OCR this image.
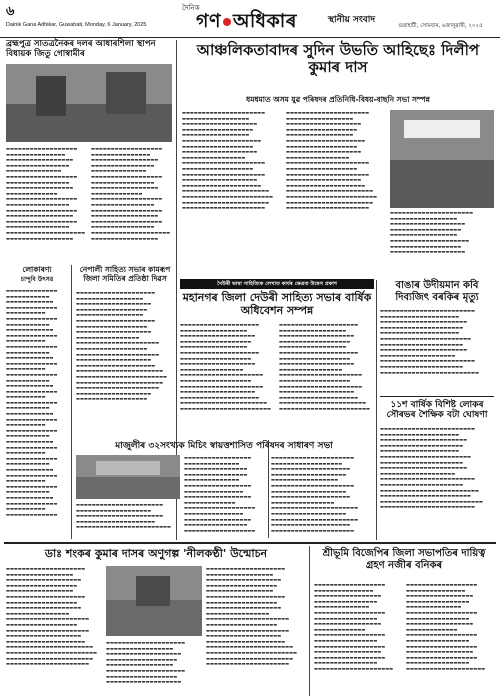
৬
Dainik Gana Adhikar, Guwahati, Monday, 6 January, 2025
দৈনিক
গণ অধিকাৰ	স্থানীয় সংবাদ
গুৱাহাটী, সোমবাৰ, ৬জানুৱাৰী, ২০২৫
ব্ৰহ্মপুত্ৰ সাতত্ৰনৈকৰ দলৰ আধাৰশিলা স্থাপন বিধায়ক জিতু গোস্বামীৰ
▬▬▬▬▬▬▬▬▬▬▬▬▬▬▬▬▬▬ ▬▬▬▬▬▬▬▬▬▬▬▬▬▬▬ ▬▬▬▬▬▬▬▬▬▬▬▬▬▬▬▬▬ ▬▬▬▬▬▬▬▬▬▬▬▬▬▬▬▬ ▬▬▬▬▬▬▬▬▬▬▬▬▬▬ ▬▬▬▬▬▬▬▬▬▬▬▬▬▬▬▬▬▬ ▬▬▬▬▬▬▬▬▬▬▬▬▬▬▬▬ ▬▬▬▬▬▬▬▬▬▬▬▬▬▬▬▬▬ ▬▬▬▬▬▬▬▬▬▬▬▬▬ ▬▬▬▬▬▬▬▬▬▬▬▬▬▬▬▬▬▬ ▬▬▬▬▬▬▬▬▬▬▬▬▬▬▬▬ ▬▬▬▬▬▬▬▬▬▬▬▬▬▬▬▬▬▬ ▬▬▬▬▬▬▬▬▬▬▬▬▬▬▬▬▬ ▬▬▬▬▬▬▬▬▬▬▬▬▬▬▬▬▬▬ ▬▬▬▬▬▬▬▬▬▬▬▬▬▬▬▬ ▬▬▬▬▬▬▬▬▬▬▬▬▬▬▬▬▬▬▬▬ ▬▬▬▬▬▬▬▬▬▬▬▬▬▬▬▬▬
▬▬▬▬▬▬▬▬▬▬▬▬▬▬▬▬▬▬ ▬▬▬▬▬▬▬▬▬▬▬▬▬▬▬ ▬▬▬▬▬▬▬▬▬▬▬▬▬▬▬▬▬ ▬▬▬▬▬▬▬▬▬▬▬▬▬▬▬▬ ▬▬▬▬▬▬▬▬▬▬▬▬▬▬ ▬▬▬▬▬▬▬▬▬▬▬▬▬▬▬▬▬▬ ▬▬▬▬▬▬▬▬▬▬▬▬▬▬▬▬ ▬▬▬▬▬▬▬▬▬▬▬▬▬▬▬▬▬ ▬▬▬▬▬▬▬▬▬▬▬▬▬ ▬▬▬▬▬▬▬▬▬▬▬▬▬▬▬▬▬▬ ▬▬▬▬▬▬▬▬▬▬▬▬▬▬▬▬ ▬▬▬▬▬▬▬▬▬▬▬▬▬▬▬▬▬▬ ▬▬▬▬▬▬▬▬▬▬▬▬▬▬▬▬▬ ▬▬▬▬▬▬▬▬▬▬▬▬▬▬▬▬▬▬ ▬▬▬▬▬▬▬▬▬▬▬▬▬▬▬▬ ▬▬▬▬▬▬▬▬▬▬▬▬▬▬▬▬▬▬▬▬ ▬▬▬▬▬▬▬▬▬▬▬▬▬▬▬▬▬
আঞ্চলিকতাবাদৰ সুদিন উভতি আহিছেঃ দিলীপ কুমাৰ দাস
ধমধমাত অসম যুৱ পৰিষদৰ প্ৰতিনিধি-বিষয়-বাছনি সভা সম্পন্ন
▬▬▬▬▬▬▬▬▬▬▬▬▬▬▬▬▬▬▬▬▬ ▬▬▬▬▬▬▬▬▬▬▬▬▬▬▬▬▬ ▬▬▬▬▬▬▬▬▬▬▬▬▬▬▬▬▬▬▬ ▬▬▬▬▬▬▬▬▬▬▬▬▬▬▬▬▬▬ ▬▬▬▬▬▬▬▬▬▬▬▬▬▬▬▬▬ ▬▬▬▬▬▬▬▬▬▬▬▬▬▬▬▬▬▬▬▬ ▬▬▬▬▬▬▬▬▬▬▬▬▬▬▬▬▬▬ ▬▬▬▬▬▬▬▬▬▬▬▬▬▬▬▬▬▬▬ ▬▬▬▬▬▬▬▬▬▬▬▬▬▬▬▬ ▬▬▬▬▬▬▬▬▬▬▬▬▬▬▬▬▬▬▬▬▬ ▬▬▬▬▬▬▬▬▬▬▬▬▬▬▬▬▬▬ ▬▬▬▬▬▬▬▬▬▬▬▬▬▬▬▬▬▬▬▬▬ ▬▬▬▬▬▬▬▬▬▬▬▬▬▬▬▬▬▬▬ ▬▬▬▬▬▬▬▬▬▬▬▬▬▬▬▬▬▬▬▬ ▬▬▬▬▬▬▬▬▬▬▬▬▬▬▬▬▬▬▬▬▬▬ ▬▬▬▬▬▬▬▬▬▬▬▬▬▬▬▬▬▬▬▬▬▬▬ ▬▬▬▬▬▬▬▬▬▬▬▬▬▬▬▬▬▬▬▬▬▬ ▬▬▬▬▬▬▬▬▬▬▬▬▬▬▬▬▬▬▬▬▬
▬▬▬▬▬▬▬▬▬▬▬▬▬▬▬▬▬▬▬▬▬ ▬▬▬▬▬▬▬▬▬▬▬▬▬▬▬▬▬ ▬▬▬▬▬▬▬▬▬▬▬▬▬▬▬▬▬▬▬ ▬▬▬▬▬▬▬▬▬▬▬▬▬▬▬▬▬▬ ▬▬▬▬▬▬▬▬▬▬▬▬▬▬▬▬▬ ▬▬▬▬▬▬▬▬▬▬▬▬▬▬▬▬▬▬▬▬ ▬▬▬▬▬▬▬▬▬▬▬▬▬▬▬▬▬▬ ▬▬▬▬▬▬▬▬▬▬▬▬▬▬▬▬▬▬▬ ▬▬▬▬▬▬▬▬▬▬▬▬▬▬▬▬ ▬▬▬▬▬▬▬▬▬▬▬▬▬▬▬▬▬▬▬▬▬ ▬▬▬▬▬▬▬▬▬▬▬▬▬▬▬▬▬▬ ▬▬▬▬▬▬▬▬▬▬▬▬▬▬▬▬▬▬▬▬▬ ▬▬▬▬▬▬▬▬▬▬▬▬▬▬▬▬▬▬▬ ▬▬▬▬▬▬▬▬▬▬▬▬▬▬▬▬▬▬▬▬ ▬▬▬▬▬▬▬▬▬▬▬▬▬▬▬▬▬▬▬▬▬▬ ▬▬▬▬▬▬▬▬▬▬▬▬▬▬▬▬▬▬▬▬▬▬▬ ▬▬▬▬▬▬▬▬▬▬▬▬▬▬▬▬▬▬▬▬▬▬ ▬▬▬▬▬▬▬▬▬▬▬▬▬▬▬▬▬▬▬▬▬
▬▬▬▬▬▬▬▬▬▬▬▬▬▬▬▬▬▬▬▬▬ ▬▬▬▬▬▬▬▬▬▬▬▬▬▬▬▬▬ ▬▬▬▬▬▬▬▬▬▬▬▬▬▬▬▬▬▬▬ ▬▬▬▬▬▬▬▬▬▬▬▬▬▬▬▬▬▬ ▬▬▬▬▬▬▬▬▬▬▬▬▬▬▬▬▬ ▬▬▬▬▬▬▬▬▬▬▬▬▬▬▬▬▬▬▬▬ ▬▬▬▬▬▬▬▬▬▬▬▬▬▬▬▬▬▬ ▬▬▬▬▬▬▬▬▬▬▬▬▬▬▬▬▬▬▬
লোকাৰণ্য
চান্দুবি উৎসৱ
▬▬▬▬▬▬▬▬▬▬▬▬▬ ▬▬▬▬▬▬▬▬▬▬▬ ▬▬▬▬▬▬▬▬▬▬▬▬ ▬▬▬▬▬▬▬▬▬▬▬▬▬ ▬▬▬▬▬▬▬▬▬▬ ▬▬▬▬▬▬▬▬▬▬▬▬▬ ▬▬▬▬▬▬▬▬▬▬▬ ▬▬▬▬▬▬▬▬▬▬▬▬ ▬▬▬▬▬▬▬▬▬▬▬▬▬ ▬▬▬▬▬▬▬▬▬▬ ▬▬▬▬▬▬▬▬▬▬▬▬▬ ▬▬▬▬▬▬▬▬▬▬▬ ▬▬▬▬▬▬▬▬▬▬▬▬ ▬▬▬▬▬▬▬▬▬▬▬▬▬ ▬▬▬▬▬▬▬▬▬▬ ▬▬▬▬▬▬▬▬▬▬▬▬▬ ▬▬▬▬▬▬▬▬▬▬▬ ▬▬▬▬▬▬▬▬▬▬▬▬ ▬▬▬▬▬▬▬▬▬▬▬▬▬ ▬▬▬▬▬▬▬▬▬▬ ▬▬▬▬▬▬▬▬▬▬▬▬▬ ▬▬▬▬▬▬▬▬▬▬▬ ▬▬▬▬▬▬▬▬▬▬▬▬ ▬▬▬▬▬▬▬▬▬▬▬▬▬ ▬▬▬▬▬▬▬▬▬▬ ▬▬▬▬▬▬▬▬▬▬▬▬▬ ▬▬▬▬▬▬▬▬▬▬▬ ▬▬▬▬▬▬▬▬▬▬▬▬ ▬▬▬▬▬▬▬▬▬▬▬▬▬ ▬▬▬▬▬▬▬▬▬▬ ▬▬▬▬▬▬▬▬▬▬▬▬▬ ▬▬▬▬▬▬▬▬▬▬▬ ▬▬▬▬▬▬▬▬▬▬▬▬ ▬▬▬▬▬▬▬▬▬▬▬▬▬ ▬▬▬▬▬▬▬▬▬▬ ▬▬▬▬▬▬▬▬▬▬▬▬▬ ▬▬▬▬▬▬▬▬▬▬▬ ▬▬▬▬▬▬▬▬▬▬▬▬ ▬▬▬▬▬▬▬▬▬▬▬▬▬ ▬▬▬▬▬▬▬▬▬▬ ▬▬▬▬▬▬▬▬▬▬▬▬▬
নেপালী সাহিত্য সভাৰ কামৰূপ জিলা সমিতিৰ প্ৰতিষ্ঠা দিৱস
▬▬▬▬▬▬▬▬▬▬▬▬▬▬▬▬▬▬▬▬ ▬▬▬▬▬▬▬▬▬▬▬▬▬▬▬▬▬ ▬▬▬▬▬▬▬▬▬▬▬▬▬▬▬▬▬▬▬ ▬▬▬▬▬▬▬▬▬▬▬▬▬▬▬▬▬▬ ▬▬▬▬▬▬▬▬▬▬▬▬▬▬▬▬▬ ▬▬▬▬▬▬▬▬▬▬▬▬▬▬▬▬▬▬▬▬ ▬▬▬▬▬▬▬▬▬▬▬▬▬▬▬▬▬▬ ▬▬▬▬▬▬▬▬▬▬▬▬▬▬▬▬▬▬▬ ▬▬▬▬▬▬▬▬▬▬▬▬▬▬▬▬ ▬▬▬▬▬▬▬▬▬▬▬▬▬▬▬▬▬▬▬▬▬ ▬▬▬▬▬▬▬▬▬▬▬▬▬▬▬▬▬▬ ▬▬▬▬▬▬▬▬▬▬▬▬▬▬▬▬▬▬▬▬▬ ▬▬▬▬▬▬▬▬▬▬▬▬▬▬▬▬▬▬▬ ▬▬▬▬▬▬▬▬▬▬▬▬▬▬▬▬▬▬▬▬ ▬▬▬▬▬▬▬▬▬▬▬▬▬▬▬▬▬▬▬▬▬▬ ▬▬▬▬▬▬▬▬▬▬▬▬▬▬▬▬▬▬▬▬▬▬▬ ▬▬▬▬▬▬▬▬▬▬▬▬▬▬▬▬▬▬▬▬▬▬ ▬▬▬▬▬▬▬▬▬▬▬▬▬▬▬▬▬▬▬▬▬ ▬▬▬▬▬▬▬▬▬▬▬▬▬▬▬▬▬▬▬ ▬▬▬▬▬▬▬▬▬▬▬▬▬▬▬▬▬▬
দৈউৰী ভাষা সাহিত্যিক লেখাত কাৰ্যৰ ক্ষেত্ৰত উদ্বেগ প্ৰকাশ
মহানগৰ জিলা দেউৰী সাহিত্য সভাৰ বাৰ্ষিক অধিবেশন সম্পন্ন
▬▬▬▬▬▬▬▬▬▬▬▬▬▬▬▬▬▬▬▬ ▬▬▬▬▬▬▬▬▬▬▬▬▬▬▬▬▬ ▬▬▬▬▬▬▬▬▬▬▬▬▬▬▬▬▬▬▬ ▬▬▬▬▬▬▬▬▬▬▬▬▬▬▬▬▬▬ ▬▬▬▬▬▬▬▬▬▬▬▬▬▬▬▬▬ ▬▬▬▬▬▬▬▬▬▬▬▬▬▬▬▬▬▬▬▬ ▬▬▬▬▬▬▬▬▬▬▬▬▬▬▬▬▬▬ ▬▬▬▬▬▬▬▬▬▬▬▬▬▬▬▬▬▬▬ ▬▬▬▬▬▬▬▬▬▬▬▬▬▬▬▬ ▬▬▬▬▬▬▬▬▬▬▬▬▬▬▬▬▬▬▬▬▬ ▬▬▬▬▬▬▬▬▬▬▬▬▬▬▬▬▬▬ ▬▬▬▬▬▬▬▬▬▬▬▬▬▬▬▬▬▬▬▬▬ ▬▬▬▬▬▬▬▬▬▬▬▬▬▬▬▬▬▬▬ ▬▬▬▬▬▬▬▬▬▬▬▬▬▬▬▬▬▬▬▬ ▬▬▬▬▬▬▬▬▬▬▬▬▬▬▬▬▬▬▬▬▬▬ ▬▬▬▬▬▬▬▬▬▬▬▬▬▬▬▬▬▬▬▬▬▬▬
▬▬▬▬▬▬▬▬▬▬▬▬▬▬▬▬▬▬▬▬ ▬▬▬▬▬▬▬▬▬▬▬▬▬▬▬▬▬ ▬▬▬▬▬▬▬▬▬▬▬▬▬▬▬▬▬▬▬ ▬▬▬▬▬▬▬▬▬▬▬▬▬▬▬▬▬▬ ▬▬▬▬▬▬▬▬▬▬▬▬▬▬▬▬▬ ▬▬▬▬▬▬▬▬▬▬▬▬▬▬▬▬▬▬▬▬ ▬▬▬▬▬▬▬▬▬▬▬▬▬▬▬▬▬▬ ▬▬▬▬▬▬▬▬▬▬▬▬▬▬▬▬▬▬▬ ▬▬▬▬▬▬▬▬▬▬▬▬▬▬▬▬ ▬▬▬▬▬▬▬▬▬▬▬▬▬▬▬▬▬▬▬▬▬ ▬▬▬▬▬▬▬▬▬▬▬▬▬▬▬▬▬▬ ▬▬▬▬▬▬▬▬▬▬▬▬▬▬▬▬▬▬▬▬▬ ▬▬▬▬▬▬▬▬▬▬▬▬▬▬▬▬▬▬▬ ▬▬▬▬▬▬▬▬▬▬▬▬▬▬▬▬▬▬▬▬ ▬▬▬▬▬▬▬▬▬▬▬▬▬▬▬▬▬▬▬▬▬▬ ▬▬▬▬▬▬▬▬▬▬▬▬▬▬▬▬▬▬▬▬▬▬▬
বাঙাৰ উদীয়মান কবি দিব্যজিৎ বৰকিৰ মৃত্যু
▬▬▬▬▬▬▬▬▬▬▬▬▬▬▬▬▬▬▬▬▬▬▬▬ ▬▬▬▬▬▬▬▬▬▬▬▬▬▬▬▬▬▬▬▬ ▬▬▬▬▬▬▬▬▬▬▬▬▬▬▬▬▬▬▬▬▬▬ ▬▬▬▬▬▬▬▬▬▬▬▬▬▬▬▬▬▬▬▬▬ ▬▬▬▬▬▬▬▬▬▬▬▬▬▬▬▬▬▬▬▬ ▬▬▬▬▬▬▬▬▬▬▬▬▬▬▬▬▬▬▬▬▬▬▬ ▬▬▬▬▬▬▬▬▬▬▬▬▬▬▬▬▬▬▬▬▬ ▬▬▬▬▬▬▬▬▬▬▬▬▬▬▬▬▬▬▬▬▬▬ ▬▬▬▬▬▬▬▬▬▬▬▬▬▬▬▬▬▬▬ ▬▬▬▬▬▬▬▬▬▬▬▬▬▬▬▬▬▬▬▬▬▬▬▬ ▬▬▬▬▬▬▬▬▬▬▬▬▬▬▬▬▬▬▬▬▬ ▬▬▬▬▬▬▬▬▬▬▬▬▬▬▬▬▬▬▬▬▬▬▬▬▬
১১শ বাৰ্ষিক বিশিষ্ট লোকৰ সৌৰভৰ শৈক্ষিক বটা ঘোষণা
▬▬▬▬▬▬▬▬▬▬▬▬▬▬▬▬▬▬▬▬▬▬▬▬ ▬▬▬▬▬▬▬▬▬▬▬▬▬▬▬▬▬▬▬▬ ▬▬▬▬▬▬▬▬▬▬▬▬▬▬▬▬▬▬▬▬▬▬ ▬▬▬▬▬▬▬▬▬▬▬▬▬▬▬▬▬▬▬▬▬ ▬▬▬▬▬▬▬▬▬▬▬▬▬▬▬▬▬▬▬▬ ▬▬▬▬▬▬▬▬▬▬▬▬▬▬▬▬▬▬▬▬▬▬▬ ▬▬▬▬▬▬▬▬▬▬▬▬▬▬▬▬▬▬▬▬▬ ▬▬▬▬▬▬▬▬▬▬▬▬▬▬▬▬▬▬▬▬▬▬ ▬▬▬▬▬▬▬▬▬▬▬▬▬▬▬▬▬▬▬ ▬▬▬▬▬▬▬▬▬▬▬▬▬▬▬▬▬▬▬▬▬▬▬▬ ▬▬▬▬▬▬▬▬▬▬▬▬▬▬▬▬▬▬▬▬▬ ▬▬▬▬▬▬▬▬▬▬▬▬▬▬▬▬▬▬▬▬▬▬▬▬▬ ▬▬▬▬▬▬▬▬▬▬▬▬▬▬▬▬▬▬▬▬▬▬▬ ▬▬▬▬▬▬▬▬▬▬▬▬▬▬▬▬▬▬▬▬▬▬▬▬▬▬ ▬▬▬▬▬▬▬▬▬▬▬▬▬▬▬▬▬▬▬▬▬▬▬▬
মাজুলীৰ ৩২সংখ্যক মিচিং স্বায়ত্তশাসিত পৰিষদৰ সাধাৰণ সভা
▬▬▬▬▬▬▬▬▬▬▬▬▬▬▬▬▬▬▬▬▬▬ ▬▬▬▬▬▬▬▬▬▬▬▬▬▬▬▬▬▬▬ ▬▬▬▬▬▬▬▬▬▬▬▬▬▬▬▬▬▬▬▬▬▬ ▬▬▬▬▬▬▬▬▬▬▬▬▬▬▬▬▬▬▬▬ ▬▬▬▬▬▬▬▬▬▬▬▬▬▬▬▬▬▬▬▬▬▬▬▬
▬▬▬▬▬▬▬▬▬▬▬▬▬▬▬▬▬ ▬▬▬▬▬▬▬▬▬▬▬▬▬▬ ▬▬▬▬▬▬▬▬▬▬▬▬▬▬▬▬ ▬▬▬▬▬▬▬▬▬▬▬▬▬▬▬▬ ▬▬▬▬▬▬▬▬▬▬▬▬▬▬ ▬▬▬▬▬▬▬▬▬▬▬▬▬▬▬▬▬ ▬▬▬▬▬▬▬▬▬▬▬▬▬▬▬ ▬▬▬▬▬▬▬▬▬▬▬▬▬▬▬▬▬ ▬▬▬▬▬▬▬▬▬▬▬▬▬ ▬▬▬▬▬▬▬▬▬▬▬▬▬▬▬▬▬▬ ▬▬▬▬▬▬▬▬▬▬▬▬▬▬▬ ▬▬▬▬▬▬▬▬▬▬▬▬▬▬▬▬▬ ▬▬▬▬▬▬▬▬▬▬▬▬▬▬▬▬ ▬▬▬▬▬▬▬▬▬▬▬▬▬▬▬▬▬▬
▬▬▬▬▬▬▬▬▬▬▬▬▬▬▬▬▬▬▬▬▬ ▬▬▬▬▬▬▬▬▬▬▬▬▬▬▬▬▬▬ ▬▬▬▬▬▬▬▬▬▬▬▬▬▬▬▬▬▬▬▬ ▬▬▬▬▬▬▬▬▬▬▬▬▬▬▬▬▬▬▬ ▬▬▬▬▬▬▬▬▬▬▬▬▬▬▬▬▬ ▬▬▬▬▬▬▬▬▬▬▬▬▬▬▬▬▬▬▬▬▬ ▬▬▬▬▬▬▬▬▬▬▬▬▬▬▬▬▬▬▬ ▬▬▬▬▬▬▬▬▬▬▬▬▬▬▬▬▬▬▬▬ ▬▬▬▬▬▬▬▬▬▬▬▬▬▬▬▬ ▬▬▬▬▬▬▬▬▬▬▬▬▬▬▬▬▬▬▬▬▬▬ ▬▬▬▬▬▬▬▬▬▬▬▬▬▬▬▬▬▬▬ ▬▬▬▬▬▬▬▬▬▬▬▬▬▬▬▬▬▬▬▬▬▬ ▬▬▬▬▬▬▬▬▬▬▬▬▬▬▬▬▬▬▬▬ ▬▬▬▬▬▬▬▬▬▬▬▬▬▬▬▬▬▬▬▬▬
ডাঃ শংকৰ কুমাৰ দাসৰ অণুগল্প 'নীলকণ্ঠী' উন্মোচন
▬▬▬▬▬▬▬▬▬▬▬▬▬▬▬▬▬▬▬▬ ▬▬▬▬▬▬▬▬▬▬▬▬▬▬▬▬▬ ▬▬▬▬▬▬▬▬▬▬▬▬▬▬▬▬▬▬▬ ▬▬▬▬▬▬▬▬▬▬▬▬▬▬▬▬▬▬ ▬▬▬▬▬▬▬▬▬▬▬▬▬▬▬▬▬ ▬▬▬▬▬▬▬▬▬▬▬▬▬▬▬▬▬▬▬▬ ▬▬▬▬▬▬▬▬▬▬▬▬▬▬▬▬▬▬ ▬▬▬▬▬▬▬▬▬▬▬▬▬▬▬▬▬▬▬ ▬▬▬▬▬▬▬▬▬▬▬▬▬▬▬▬ ▬▬▬▬▬▬▬▬▬▬▬▬▬▬▬▬▬▬▬▬▬ ▬▬▬▬▬▬▬▬▬▬▬▬▬▬▬▬▬▬ ▬▬▬▬▬▬▬▬▬▬▬▬▬▬▬▬▬▬▬▬▬ ▬▬▬▬▬▬▬▬▬▬▬▬▬▬▬▬▬▬▬ ▬▬▬▬▬▬▬▬▬▬▬▬▬▬▬▬▬▬▬▬ ▬▬▬▬▬▬▬▬▬▬▬▬▬▬▬▬▬▬▬▬▬▬ ▬▬▬▬▬▬▬▬▬▬▬▬▬▬▬▬▬▬▬▬▬▬▬ ▬▬▬▬▬▬▬▬▬▬▬▬▬▬▬▬▬▬▬▬▬▬ ▬▬▬▬▬▬▬▬▬▬▬▬▬▬▬▬▬▬▬▬▬
▬▬▬▬▬▬▬▬▬▬▬▬▬▬▬▬▬▬▬▬ ▬▬▬▬▬▬▬▬▬▬▬▬▬▬▬▬▬ ▬▬▬▬▬▬▬▬▬▬▬▬▬▬▬▬▬▬▬ ▬▬▬▬▬▬▬▬▬▬▬▬▬▬▬▬▬▬ ▬▬▬▬▬▬▬▬▬▬▬▬▬▬▬▬▬ ▬▬▬▬▬▬▬▬▬▬▬▬▬▬▬▬▬▬▬▬ ▬▬▬▬▬▬▬▬▬▬▬▬▬▬▬▬▬▬ ▬▬▬▬▬▬▬▬▬▬▬▬▬▬▬▬▬▬▬
▬▬▬▬▬▬▬▬▬▬▬▬▬▬▬▬▬▬▬▬ ▬▬▬▬▬▬▬▬▬▬▬▬▬▬▬▬▬ ▬▬▬▬▬▬▬▬▬▬▬▬▬▬▬▬▬▬▬ ▬▬▬▬▬▬▬▬▬▬▬▬▬▬▬▬▬▬ ▬▬▬▬▬▬▬▬▬▬▬▬▬▬▬▬▬ ▬▬▬▬▬▬▬▬▬▬▬▬▬▬▬▬▬▬▬▬ ▬▬▬▬▬▬▬▬▬▬▬▬▬▬▬▬▬▬ ▬▬▬▬▬▬▬▬▬▬▬▬▬▬▬▬▬▬▬ ▬▬▬▬▬▬▬▬▬▬▬▬▬▬▬▬ ▬▬▬▬▬▬▬▬▬▬▬▬▬▬▬▬▬▬▬▬▬ ▬▬▬▬▬▬▬▬▬▬▬▬▬▬▬▬▬▬ ▬▬▬▬▬▬▬▬▬▬▬▬▬▬▬▬▬▬▬▬▬ ▬▬▬▬▬▬▬▬▬▬▬▬▬▬▬▬▬▬▬ ▬▬▬▬▬▬▬▬▬▬▬▬▬▬▬▬▬▬▬▬ ▬▬▬▬▬▬▬▬▬▬▬▬▬▬▬▬▬▬▬▬▬▬ ▬▬▬▬▬▬▬▬▬▬▬▬▬▬▬▬▬▬▬▬▬▬▬ ▬▬▬▬▬▬▬▬▬▬▬▬▬▬▬▬▬▬▬▬▬▬ ▬▬▬▬▬▬▬▬▬▬▬▬▬▬▬▬▬▬▬▬▬
শ্ৰীভূমি বিজেপিৰ জিলা সভাপতিৰ দায়িত্ব গ্ৰহণ নজীৰ বনিকৰ
▬▬▬▬▬▬▬▬▬▬▬▬▬▬▬▬▬▬ ▬▬▬▬▬▬▬▬▬▬▬▬▬▬▬ ▬▬▬▬▬▬▬▬▬▬▬▬▬▬▬▬▬ ▬▬▬▬▬▬▬▬▬▬▬▬▬▬▬▬ ▬▬▬▬▬▬▬▬▬▬▬▬▬▬ ▬▬▬▬▬▬▬▬▬▬▬▬▬▬▬▬▬▬ ▬▬▬▬▬▬▬▬▬▬▬▬▬▬▬▬ ▬▬▬▬▬▬▬▬▬▬▬▬▬▬▬▬▬ ▬▬▬▬▬▬▬▬▬▬▬▬▬ ▬▬▬▬▬▬▬▬▬▬▬▬▬▬▬▬▬▬ ▬▬▬▬▬▬▬▬▬▬▬▬▬▬▬▬ ▬▬▬▬▬▬▬▬▬▬▬▬▬▬▬▬▬▬ ▬▬▬▬▬▬▬▬▬▬▬▬▬▬▬▬▬ ▬▬▬▬▬▬▬▬▬▬▬▬▬▬▬▬▬▬ ▬▬▬▬▬▬▬▬▬▬▬▬▬▬▬▬ ▬▬▬▬▬▬▬▬▬▬▬▬▬▬▬▬▬▬▬▬
▬▬▬▬▬▬▬▬▬▬▬▬▬▬▬▬▬▬ ▬▬▬▬▬▬▬▬▬▬▬▬▬▬▬ ▬▬▬▬▬▬▬▬▬▬▬▬▬▬▬▬▬ ▬▬▬▬▬▬▬▬▬▬▬▬▬▬▬▬ ▬▬▬▬▬▬▬▬▬▬▬▬▬▬ ▬▬▬▬▬▬▬▬▬▬▬▬▬▬▬▬▬▬ ▬▬▬▬▬▬▬▬▬▬▬▬▬▬▬▬ ▬▬▬▬▬▬▬▬▬▬▬▬▬▬▬▬▬ ▬▬▬▬▬▬▬▬▬▬▬▬▬ ▬▬▬▬▬▬▬▬▬▬▬▬▬▬▬▬▬▬ ▬▬▬▬▬▬▬▬▬▬▬▬▬▬▬▬ ▬▬▬▬▬▬▬▬▬▬▬▬▬▬▬▬▬▬ ▬▬▬▬▬▬▬▬▬▬▬▬▬▬▬▬▬ ▬▬▬▬▬▬▬▬▬▬▬▬▬▬▬▬▬▬ ▬▬▬▬▬▬▬▬▬▬▬▬▬▬▬▬ ▬▬▬▬▬▬▬▬▬▬▬▬▬▬▬▬▬▬▬▬
